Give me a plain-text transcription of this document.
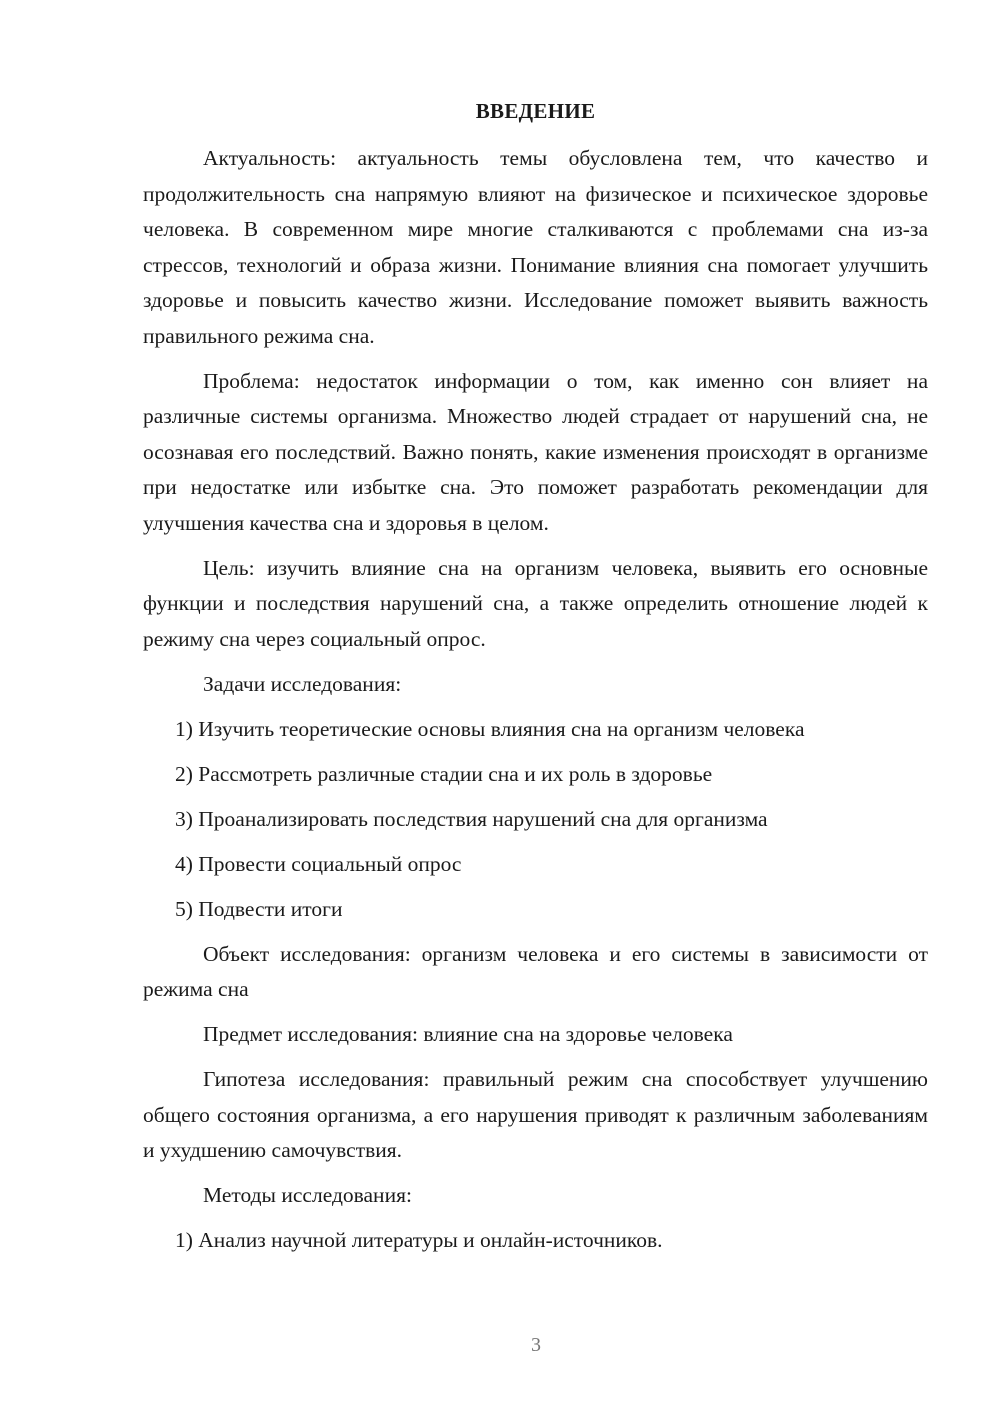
ВВЕДЕНИЕ

Актуальность: актуальность темы обусловлена тем, что качество и продолжительность сна напрямую влияют на физическое и психическое здоровье человека. В современном мире многие сталкиваются с проблемами сна из-за стрессов, технологий и образа жизни. Понимание влияния сна помогает улучшить здоровье и повысить качество жизни. Исследование поможет выявить важность правильного режима сна.

Проблема: недостаток информации о том, как именно сон влияет на различные системы организма. Множество людей страдает от нарушений сна, не осознавая его последствий. Важно понять, какие изменения происходят в организме при недостатке или избытке сна. Это поможет разработать рекомендации для улучшения качества сна и здоровья в целом.

Цель: изучить влияние сна на организм человека, выявить его основные функции и последствия нарушений сна, а также определить отношение людей к режиму сна через социальный опрос.

Задачи исследования:

1) Изучить теоретические основы влияния сна на организм человека
2) Рассмотреть различные стадии сна и их роль в здоровье
3) Проанализировать последствия нарушений сна для организма
4) Провести социальный опрос
5) Подвести итоги

Объект исследования: организм человека и его системы в зависимости от режима сна

Предмет исследования: влияние сна на здоровье человека

Гипотеза исследования: правильный режим сна способствует улучшению общего состояния организма, а его нарушения приводят к различным заболеваниям и ухудшению самочувствия.

Методы исследования:

1) Анализ научной литературы и онлайн-источников.
3
